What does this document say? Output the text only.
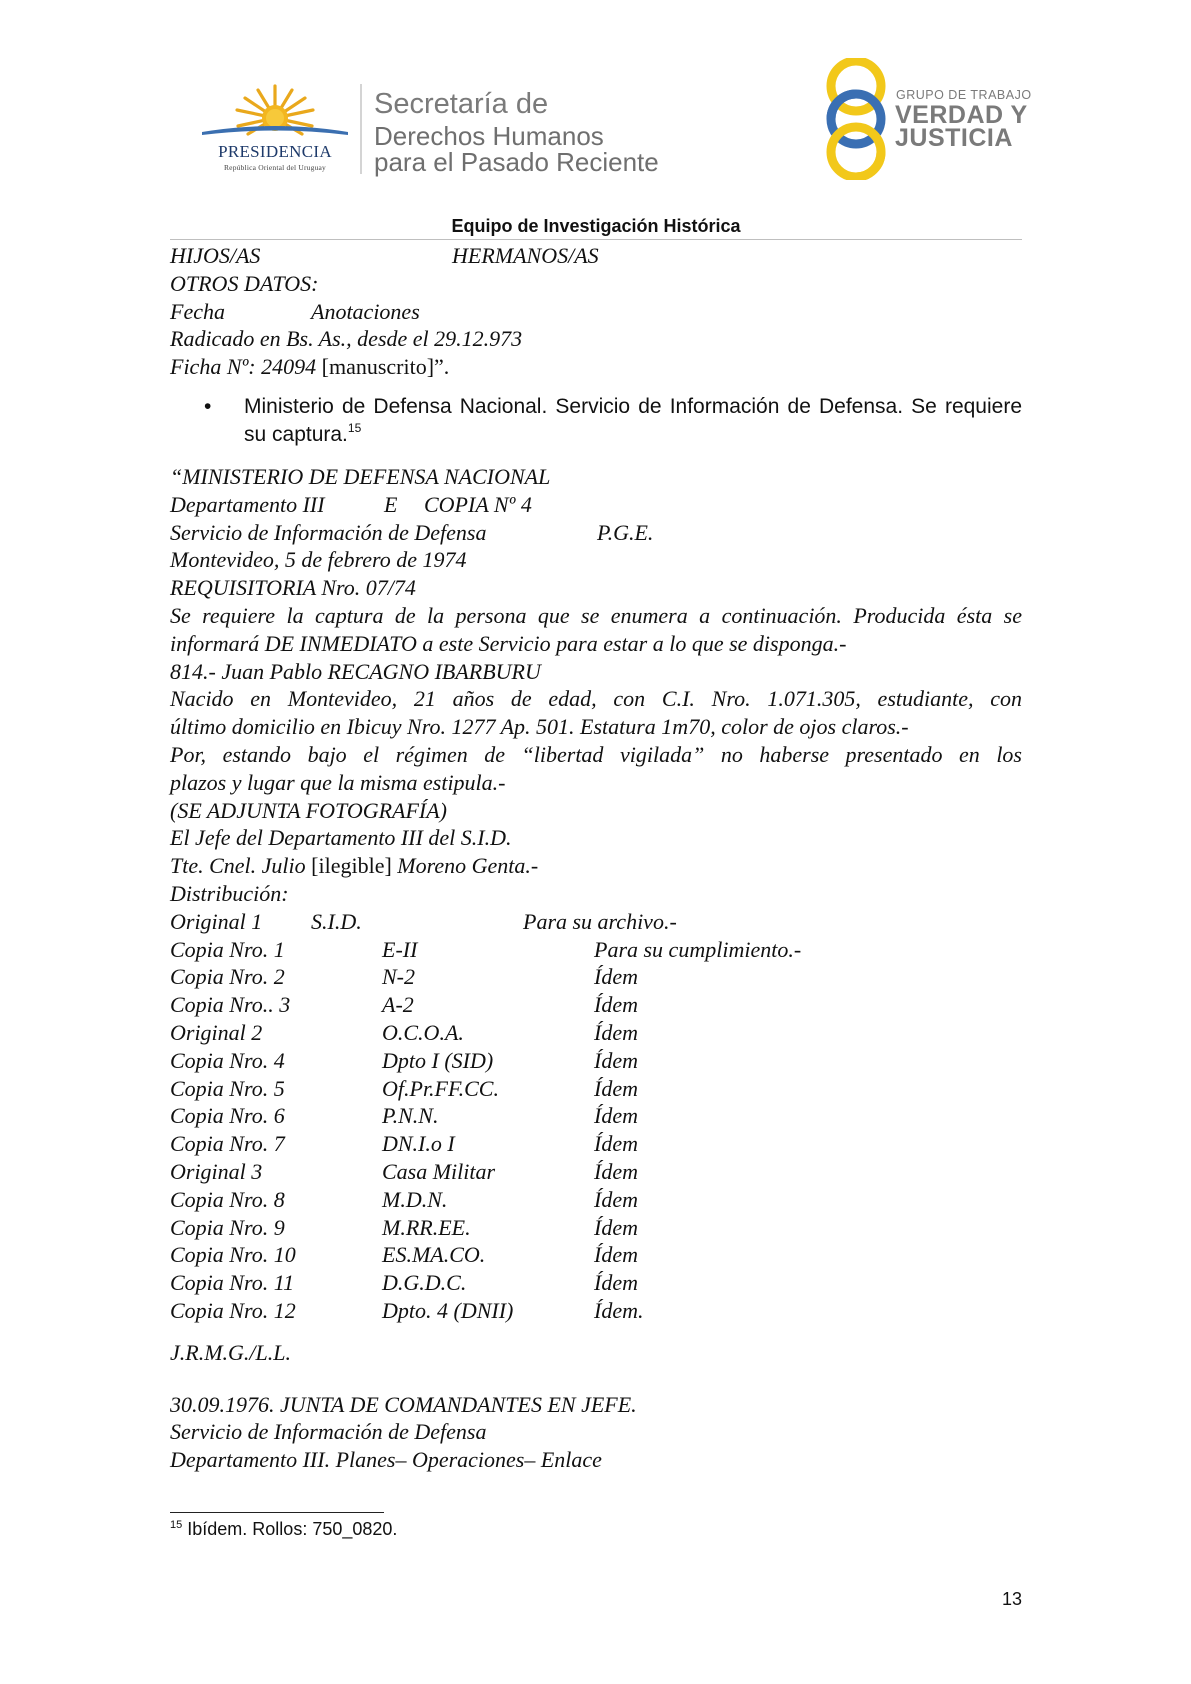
PRESIDENCIA
República Oriental del Uruguay
Secretaría de
Derechos Humanos
para el Pasado Reciente
GRUPO DE TRABAJO
VERDAD Y
JUSTICIA
Equipo de Investigación Histórica
HIJOS/AS	HERMANOS/AS
OTROS DATOS:
Fecha	Anotaciones
Radicado en Bs. As., desde el 29.12.973
Ficha Nº: 24094 [manuscrito]”.
• Ministerio de Defensa Nacional. Servicio de Información de Defensa. Se requiere su captura.$^{15}$
“MINISTERIO DE DEFENSA NACIONAL
Departamento III	E COPIA Nº 4
Servicio de Información de Defensa	P.G.E.
Montevideo, 5 de febrero de 1974
REQUISITORIA Nro. 07/74
Se requiere la captura de la persona que se enumera a continuación. Producida ésta se
informará DE INMEDIATO a este Servicio para estar a lo que se disponga.-
814.- Juan Pablo RECAGNO IBARBURU
Nacido en Montevideo, 21 años de edad, con C.I. Nro. 1.071.305, estudiante, con
último domicilio en Ibicuy Nro. 1277 Ap. 501. Estatura 1m70, color de ojos claros.-
Por, estando bajo el régimen de “libertad vigilada” no haberse presentado en los
plazos y lugar que la misma estipula.-
(SE ADJUNTA FOTOGRAFÍA)
El Jefe del Departamento III del S.I.D.
Tte. Cnel. Julio [ilegible] Moreno Genta.-
Distribución:
Original 1 S.I.D.	Para su archivo.-
Copia Nro. 1	E-II	Para su cumplimiento.-
Copia Nro. 2	N-2	Ídem
Copia Nro.. 3	A-2	Ídem
Original 2	O.C.O.A.	Ídem
Copia Nro. 4	Dpto I (SID)	Ídem
Copia Nro. 5	Of.Pr.FF.CC.	Ídem
Copia Nro. 6	P.N.N.	Ídem
Copia Nro. 7	DN.I.o I	Ídem
Original 3	Casa Militar	Ídem
Copia Nro. 8	M.D.N.	Ídem
Copia Nro. 9	M.RR.EE.	Ídem
Copia Nro. 10	ES.MA.CO.	Ídem
Copia Nro. 11	D.G.D.C.	Ídem
Copia Nro. 12	Dpto. 4 (DNII)	Ídem.
J.R.M.G./L.L.
30.09.1976. JUNTA DE COMANDANTES EN JEFE.
Servicio de Información de Defensa
Departamento III. Planes– Operaciones– Enlace
$^{15}$ Ibídem. Rollos: 750_0820.
13
